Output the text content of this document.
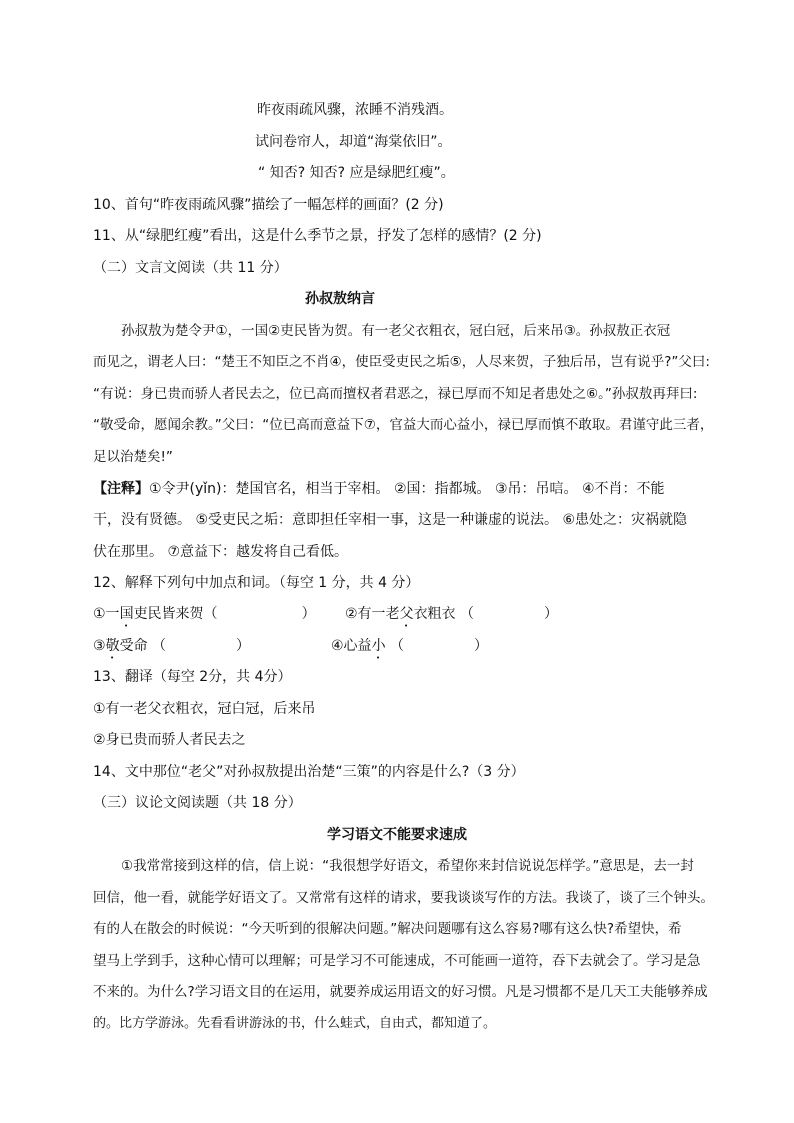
昨夜雨疏风骤，浓睡不消残酒。
试问卷帘人，却道“海棠依旧”。
“ 知否? 知否? 应是绿肥红瘦”。
10、首句“昨夜雨疏风骤”描绘了一幅怎样的画面？(2 分)
11、从“绿肥红瘦”看出，这是什么季节之景，抒发了怎样的感情？(2 分)
（二）文言文阅读（共 11 分）
孙叔敖纳言
孙叔敖为楚令尹①，一国②吏民皆为贺。有一老父衣粗衣，冠白冠，后来吊③。孙叔敖正衣冠
而见之，谓老人曰：“楚王不知臣之不肖④，使臣受吏民之垢⑤，人尽来贺，子独后吊，岂有说乎?”父曰:
“有说：身已贵而骄人者民去之，位已高而擅权者君恶之，禄已厚而不知足者患处之⑥。”孙叔敖再拜曰:
“敬受命，愿闻余教。”父曰：“位已高而意益下⑦，官益大而心益小，禄已厚而慎不敢取。君谨守此三者，
足以治楚矣!”
【注释】①令尹(yǐn)：楚国官名，相当于宰相。 ②国：指都城。 ③吊：吊唁。 ④不肖：不能
干，没有贤德。 ⑤受吏民之垢：意即担任宰相一事，这是一种谦虚的说法。 ⑥患处之：灾祸就隐
伏在那里。 ⑦意益下：越发将自己看低。
12、解释下列句中加点和词。（每空 1 分，共 4 分）
①一国吏民皆来贺（	） ②有一老父衣粗衣 （	）
③敬受命 （	）	④心益小 （	）
13、翻译（每空 2分，共 4分）
①有一老父衣粗衣，冠白冠，后来吊
②身已贵而骄人者民去之
14、文中那位“老父”对孙叔敖提出治楚“三策”的内容是什么?（3 分）
（三）议论文阅读题（共 18 分）
学习语文不能要求速成
①我常常接到这样的信，信上说：“我很想学好语文，希望你来封信说说怎样学。”意思是，去一封
回信，他一看，就能学好语文了。又常常有这样的请求，要我谈谈写作的方法。我谈了，谈了三个钟头。
有的人在散会的时候说：“今天听到的很解决问题。”解决问题哪有这么容易?哪有这么快?希望快，希
望马上学到手，这种心情可以理解；可是学习不可能速成，不可能画一道符，吞下去就会了。学习是急
不来的。为什么?学习语文目的在运用，就要养成运用语文的好习惯。凡是习惯都不是几天工夫能够养成
的。比方学游泳。先看看讲游泳的书，什么蛙式，自由式，都知道了。
